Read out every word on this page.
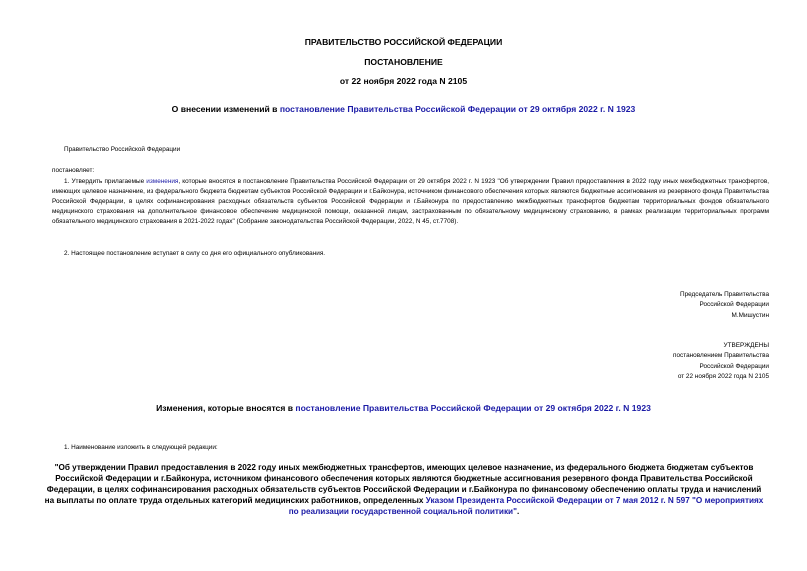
ПРАВИТЕЛЬСТВО РОССИЙСКОЙ ФЕДЕРАЦИИ
ПОСТАНОВЛЕНИЕ
от 22 ноября 2022 года N 2105
О внесении изменений в постановление Правительства Российской Федерации от 29 октября 2022 г. N 1923
Правительство Российской Федерации
постановляет:
1. Утвердить прилагаемые изменения, которые вносятся в постановление Правительства Российской Федерации от 29 октября 2022 г. N 1923 "Об утверждении Правил предоставления в 2022 году иных межбюджетных трансфертов, имеющих целевое назначение, из федерального бюджета бюджетам субъектов Российской Федерации и г.Байконура, источником финансового обеспечения которых являются бюджетные ассигнования из резервного фонда Правительства Российской Федерации, в целях софинансирования расходных обязательств субъектов Российской Федерации и г.Байконура по предоставлению межбюджетных трансфертов бюджетам территориальных фондов обязательного медицинского страхования на дополнительное финансовое обеспечение медицинской помощи, оказанной лицам, застрахованным по обязательному медицинскому страхованию, в рамках реализации территориальных программ обязательного медицинского страхования в 2021-2022 годах" (Собрание законодательства Российской Федерации, 2022, N 45, ст.7708).
2. Настоящее постановление вступает в силу со дня его официального опубликования.
Председатель Правительства
Российской Федерации
М.Мишустин
УТВЕРЖДЕНЫ
постановлением Правительства
Российской Федерации
от 22 ноября 2022 года N 2105
Изменения, которые вносятся в постановление Правительства Российской Федерации от 29 октября 2022 г. N 1923
1. Наименование изложить в следующей редакции:
"Об утверждении Правил предоставления в 2022 году иных межбюджетных трансфертов, имеющих целевое назначение, из федерального бюджета бюджетам субъектов Российской Федерации и г.Байконура, источником финансового обеспечения которых являются бюджетные ассигнования резервного фонда Правительства Российской Федерации, в целях софинансирования расходных обязательств субъектов Российской Федерации и г.Байконура по финансовому обеспечению оплаты труда и начислений на выплаты по оплате труда отдельных категорий медицинских работников, определенных Указом Президента Российской Федерации от 7 мая 2012 г. N 597 "О мероприятиях по реализации государственной социальной политики".
